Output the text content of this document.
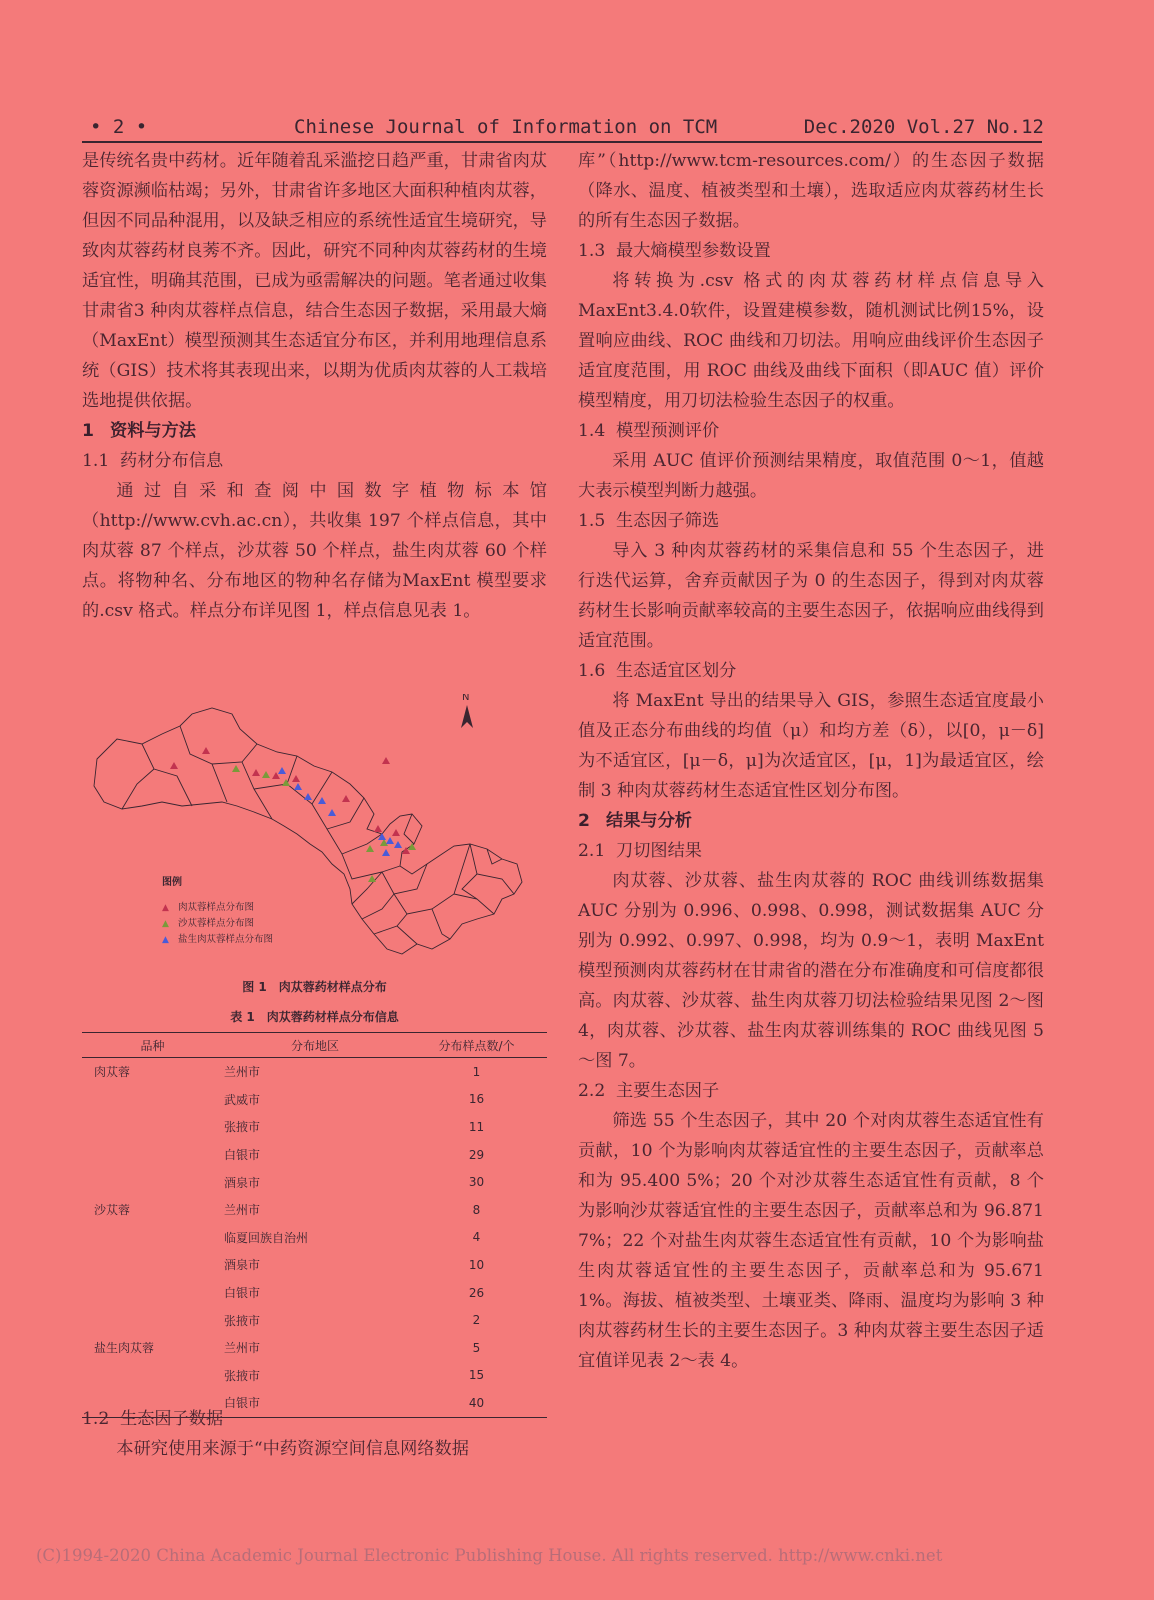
• 2 •	Chinese Journal of Information on TCM	Dec.2020 Vol.27 No.12

是传统名贵中药材。近年随着乱采滥挖日趋严重，甘肃省肉苁蓉资源濒临枯竭；另外，甘肃省许多地区大面积种植肉苁蓉，但因不同品种混用，以及缺乏相应的系统性适宜生境研究，导致肉苁蓉药材良莠不齐。因此，研究不同种肉苁蓉药材的生境适宜性，明确其范围，已成为亟需解决的问题。笔者通过收集甘肃省3 种肉苁蓉样点信息，结合生态因子数据，采用最大熵（MaxEnt）模型预测其生态适宜分布区，并利用地理信息系统（GIS）技术将其表现出来，以期为优质肉苁蓉的人工栽培选地提供依据。

1 资料与方法

1.1 药材分布信息

通过自采和查阅中国数字植物标本馆（http://www.cvh.ac.cn），共收集 197 个样点信息，其中肉苁蓉 87 个样点，沙苁蓉 50 个样点，盐生肉苁蓉 60 个样点。将物种名、分布地区的物种名存储为MaxEnt 模型要求的.csv 格式。样点分布详见图 1，样点信息见表 1。

N
图例
▲ 肉苁蓉样点分布图
▲ 沙苁蓉样点分布图
▲ 盐生肉苁蓉样点分布图
图 1　肉苁蓉药材样点分布
表 1　肉苁蓉药材样点分布信息
品种	分布地区	分布样点数/个
肉苁蓉	兰州市	1
	武威市	16
	张掖市	11
	白银市	29
	酒泉市	30
沙苁蓉	兰州市	8
	临夏回族自治州	4
	酒泉市	10
	白银市	26
	张掖市	2
盐生肉苁蓉	兰州市	5
	张掖市	15
	白银市	40

1.2 生态因子数据

本研究使用来源于“中药资源空间信息网络数据

库”（http://www.tcm-resources.com/）的生态因子数据（降水、温度、植被类型和土壤），选取适应肉苁蓉药材生长的所有生态因子数据。

1.3 最大熵模型参数设置

将转换为.csv 格式的肉苁蓉药材样点信息导入MaxEnt3.4.0软件，设置建模参数，随机测试比例15%，设置响应曲线、ROC 曲线和刀切法。用响应曲线评价生态因子适宜度范围，用 ROC 曲线及曲线下面积（即AUC 值）评价模型精度，用刀切法检验生态因子的权重。

1.4 模型预测评价

采用 AUC 值评价预测结果精度，取值范围 0～1，值越大表示模型判断力越强。

1.5 生态因子筛选

导入 3 种肉苁蓉药材的采集信息和 55 个生态因子，进行迭代运算，舍弃贡献因子为 0 的生态因子，得到对肉苁蓉药材生长影响贡献率较高的主要生态因子，依据响应曲线得到适宜范围。

1.6 生态适宜区划分

将 MaxEnt 导出的结果导入 GIS，参照生态适宜度最小值及正态分布曲线的均值（μ）和均方差（δ），以[0，μ－δ]为不适宜区，[μ－δ，μ]为次适宜区，[μ，1]为最适宜区，绘制 3 种肉苁蓉药材生态适宜性区划分布图。

2 结果与分析

2.1 刀切图结果

肉苁蓉、沙苁蓉、盐生肉苁蓉的 ROC 曲线训练数据集 AUC 分别为 0.996、0.998、0.998，测试数据集 AUC 分别为 0.992、0.997、0.998，均为 0.9～1，表明 MaxEnt 模型预测肉苁蓉药材在甘肃省的潜在分布准确度和可信度都很高。肉苁蓉、沙苁蓉、盐生肉苁蓉刀切法检验结果见图 2～图 4，肉苁蓉、沙苁蓉、盐生肉苁蓉训练集的 ROC 曲线见图 5～图 7。

2.2 主要生态因子

筛选 55 个生态因子，其中 20 个对肉苁蓉生态适宜性有贡献，10 个为影响肉苁蓉适宜性的主要生态因子，贡献率总和为 95.400 5%；20 个对沙苁蓉生态适宜性有贡献，8 个为影响沙苁蓉适宜性的主要生态因子，贡献率总和为 96.871 7%；22 个对盐生肉苁蓉生态适宜性有贡献，10 个为影响盐生肉苁蓉适宜性的主要生态因子，贡献率总和为 95.671 1%。海拔、植被类型、土壤亚类、降雨、温度均为影响 3 种肉苁蓉药材生长的主要生态因子。3 种肉苁蓉主要生态因子适宜值详见表 2～表 4。

(C)1994-2020 China Academic Journal Electronic Publishing House. All rights reserved. http://www.cnki.net
